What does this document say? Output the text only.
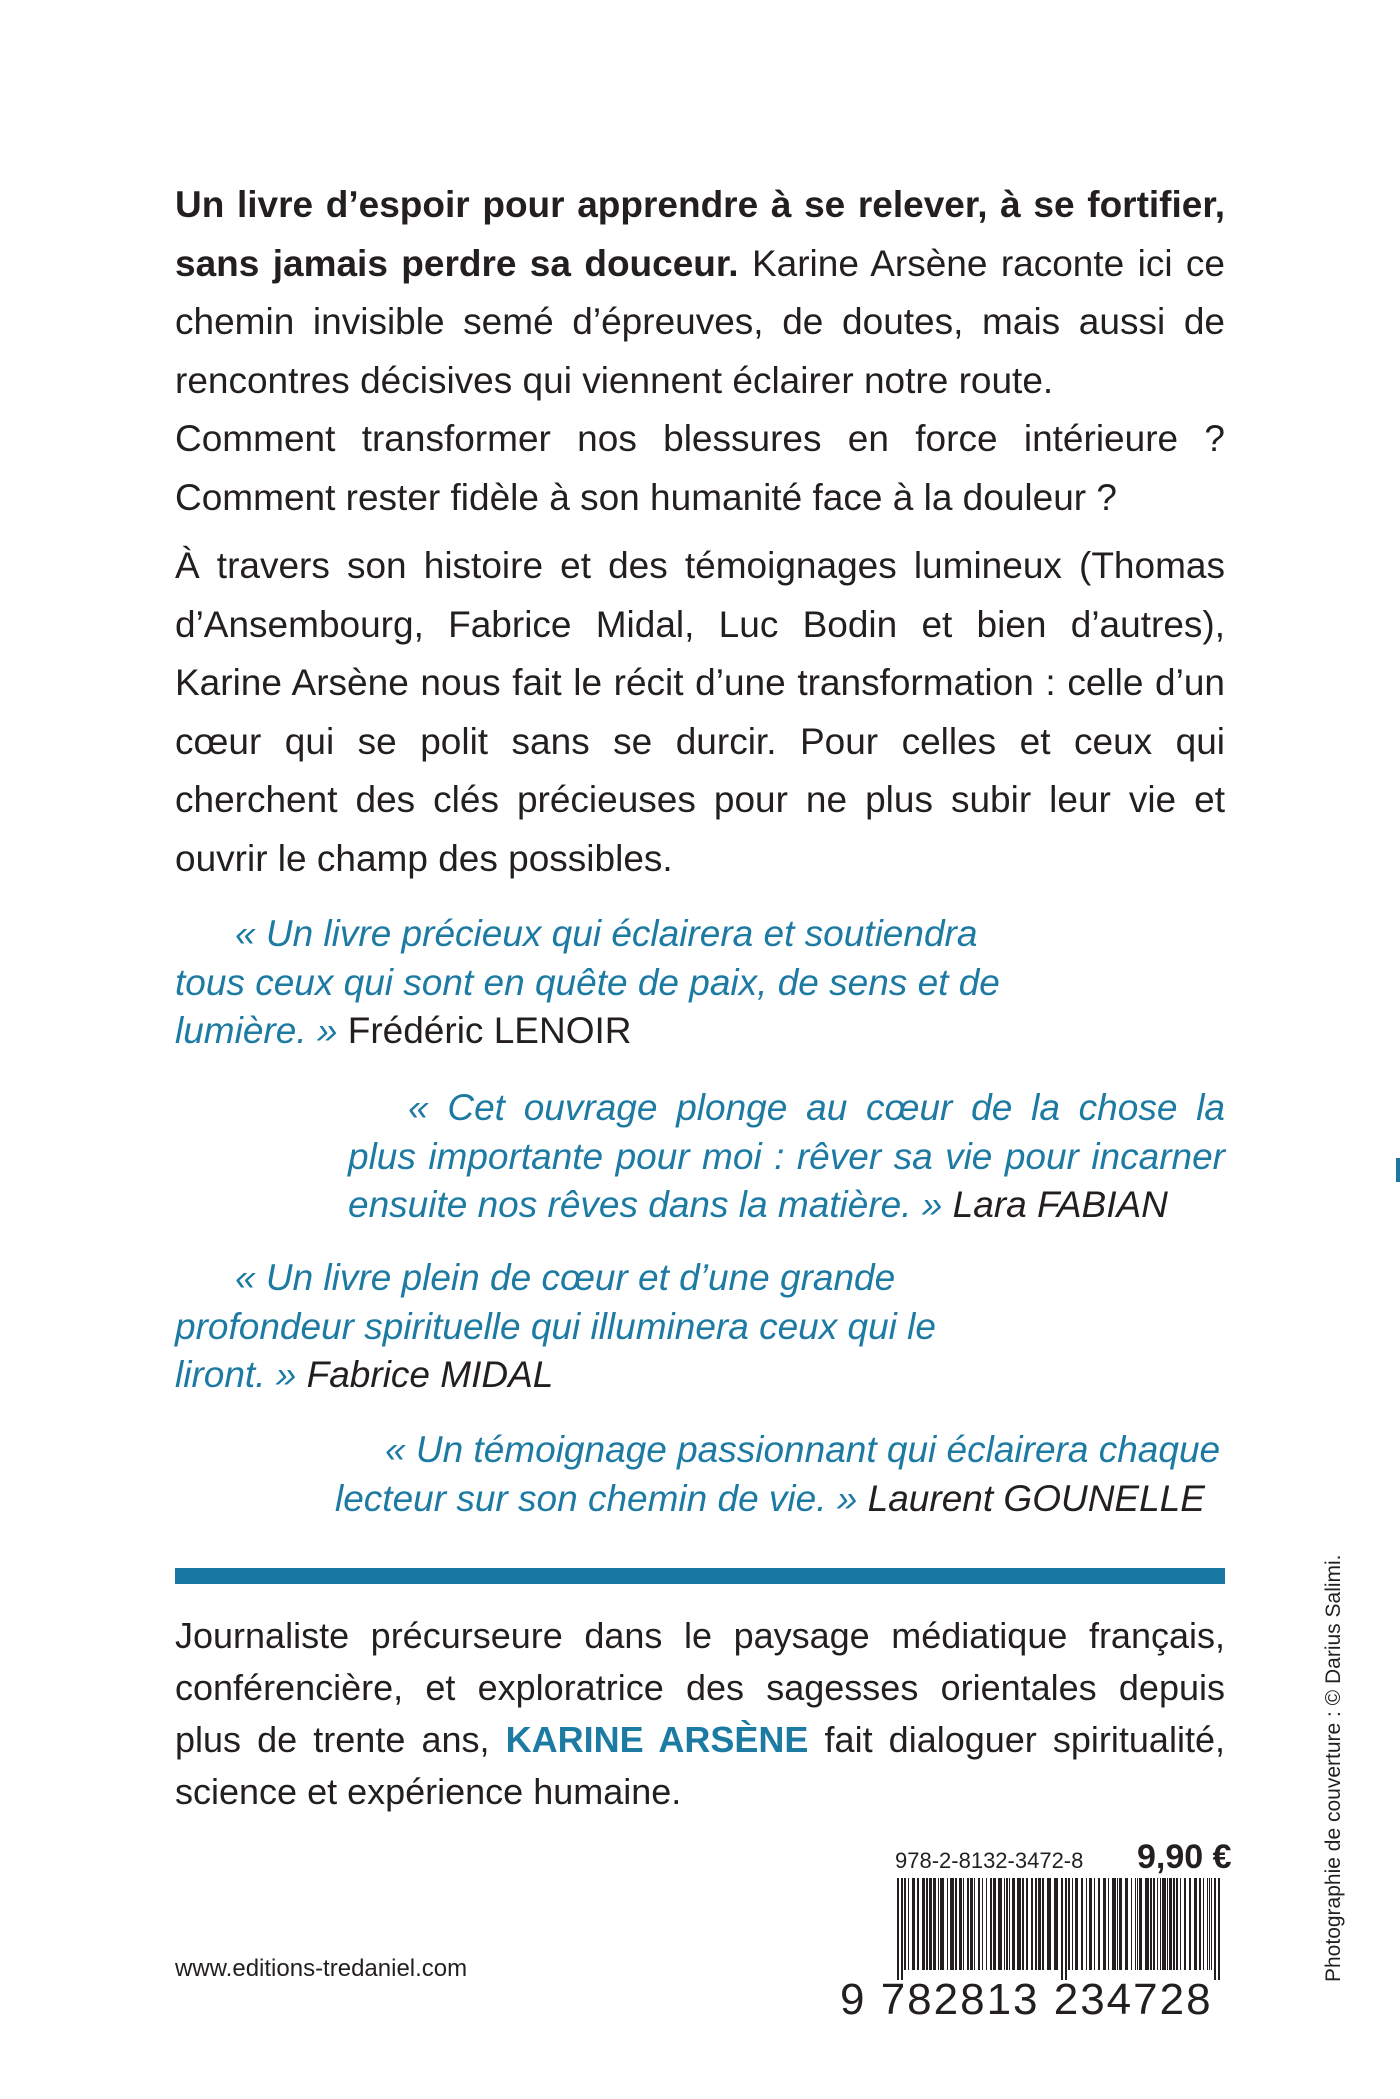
Un livre d’espoir pour apprendre à se relever, à se fortifier, sans jamais perdre sa douceur. Karine Arsène raconte ici ce chemin invisible semé d’épreuves, de doutes, mais aussi de rencontres décisives qui viennent éclairer notre route.

Comment transformer nos blessures en force intérieure ? Comment rester fidèle à son humanité face à la douleur ?

À travers son histoire et des témoignages lumineux (Thomas d’Ansembourg, Fabrice Midal, Luc Bodin et bien d’autres), Karine Arsène nous fait le récit d’une transformation : celle d’un cœur qui se polit sans se durcir. Pour celles et ceux qui cherchent des clés précieuses pour ne plus subir leur vie et ouvrir le champ des possibles.

« Un livre précieux qui éclairera et soutiendra tous ceux qui sont en quête de paix, de sens et de lumière. » Frédéric LENOIR

« Cet ouvrage plonge au cœur de la chose la plus importante pour moi : rêver sa vie pour incarner ensuite nos rêves dans la matière. » Lara FABIAN

« Un livre plein de cœur et d’une grande profondeur spirituelle qui illuminera ceux qui le liront. » Fabrice MIDAL

« Un témoignage passionnant qui éclairera chaque lecteur sur son chemin de vie. » Laurent GOUNELLE

Journaliste précurseure dans le paysage médiatique français, conférencière, et exploratrice des sagesses orientales depuis plus de trente ans, KARINE ARSÈNE fait dialoguer spiritualité, science et expérience humaine.

978-2-8132-3472-8 9,90 €
9 782813 234728
www.editions-tredaniel.com	Photographie de couverture : © Darius Salimi.
